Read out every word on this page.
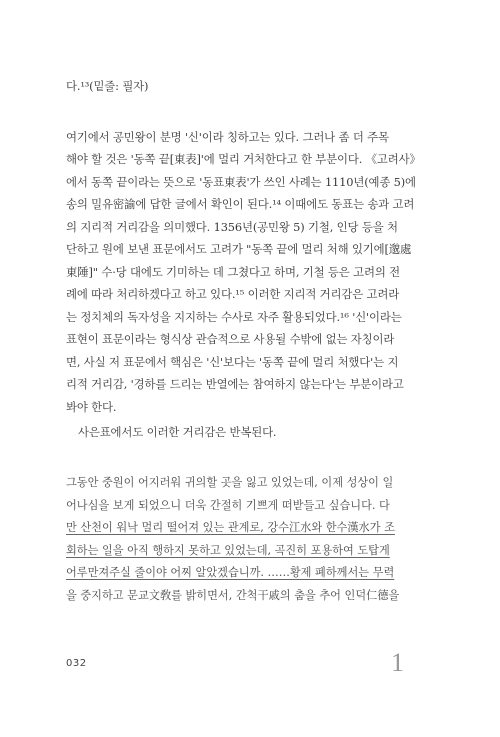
다.¹³(밑줄: 필자)
여기에서 공민왕이 분명 '신'이라 칭하고는 있다. 그러나 좀 더 주목
해야 할 것은 '동쪽 끝[東表]'에 멀리 거처한다고 한 부분이다. 《고려사》
에서 동쪽 끝이라는 뜻으로 '동표東表'가 쓰인 사례는 1110년(예종 5)에
송의 밀유密諭에 답한 글에서 확인이 된다.¹⁴ 이때에도 동표는 송과 고려
의 지리적 거리감을 의미했다. 1356년(공민왕 5) 기철, 인당 등을 처
단하고 원에 보낸 표문에서도 고려가 "동쪽 끝에 멀리 처해 있기에[邈處
東陲]" 수·당 대에도 기미하는 데 그쳤다고 하며, 기철 등은 고려의 전
례에 따라 처리하겠다고 하고 있다.¹⁵ 이러한 지리적 거리감은 고려라
는 정치체의 독자성을 지지하는 수사로 자주 활용되었다.¹⁶ '신'이라는
표현이 표문이라는 형식상 관습적으로 사용될 수밖에 없는 자칭이라
면, 사실 저 표문에서 핵심은 '신'보다는 '동쪽 끝에 멀리 처했다'는 지
리적 거리감, '경하를 드리는 반열에는 참여하지 않는다'는 부분이라고
봐야 한다.
사은표에서도 이러한 거리감은 반복된다.
그동안 중원이 어지러워 귀의할 곳을 잃고 있었는데, 이제 성상이 일
어나심을 보게 되었으니 더욱 간절히 기쁘게 떠받들고 싶습니다. 다
만 산천이 워낙 멀리 떨어져 있는 관계로, 강수江水와 한수漢水가 조
회하는 일을 아직 행하지 못하고 있었는데, 곡진히 포용하여 도탑게
어루만져주실 줄이야 어찌 알았겠습니까. ……황제 폐하께서는 무력
을 중지하고 문교文敎를 밝히면서, 간척干戚의 춤을 추어 인덕仁德을
032	1
